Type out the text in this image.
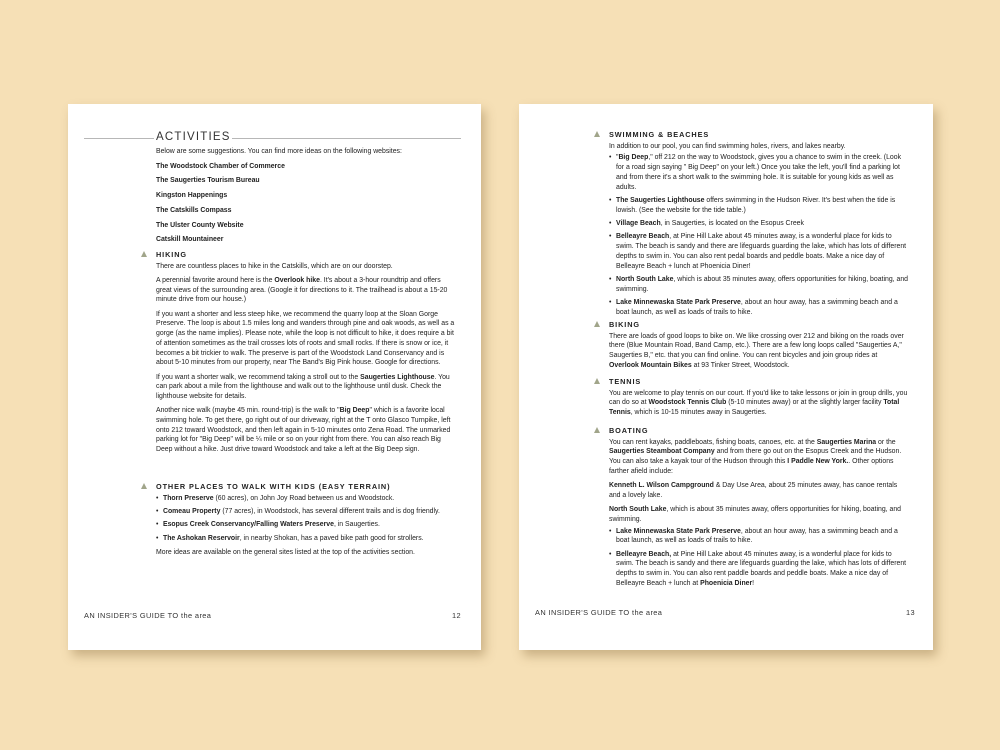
ACTIVITIES

Below are some suggestions. You can find more ideas on the following websites:

The Woodstock Chamber of Commerce

The Saugerties Tourism Bureau

Kingston Happenings

The Catskills Compass

The Ulster County Website

Catskill Mountaineer

HIKING

There are countless places to hike in the Catskills, which are on our doorstep.

A perennial favorite around here is the Overlook hike. It's about a 3-hour roundtrip and offers great views of the surrounding area. (Google it for directions to it. The trailhead is about a 15-20 minute drive from our house.)

If you want a shorter and less steep hike, we recommend the quarry loop at the Sloan Gorge Preserve. The loop is about 1.5 miles long and wanders through pine and oak woods, as well as a gorge (as the name implies). Please note, while the loop is not difficult to hike, it does require a bit of attention sometimes as the trail crosses lots of roots and small rocks. If there is snow or ice, it becomes a bit trickier to walk. The preserve is part of the Woodstock Land Conservancy and is about 5-10 minutes from our property, near The Band's Big Pink house. Google for directions.

If you want a shorter walk, we recommend taking a stroll out to the Saugerties Lighthouse. You can park about a mile from the lighthouse and walk out to the lighthouse until dusk. Check the lighthouse website for details.

Another nice walk (maybe 45 min. round-trip) is the walk to "Big Deep" which is a favorite local swimming hole. To get there, go right out of our driveway, right at the T onto Glasco Turnpike, left onto 212 toward Woodstock, and then left again in 5-10 minutes onto Zena Road. The unmarked parking lot for "Big Deep" will be ¼ mile or so on your right from there. You can also reach Big Deep without a hike. Just drive toward Woodstock and take a left at the Big Deep sign.

OTHER PLACES TO WALK WITH KIDS (EASY TERRAIN)
• Thorn Preserve (60 acres), on John Joy Road between us and Woodstock.
• Comeau Property (77 acres), in Woodstock, has several different trails and is dog friendly.
• Esopus Creek Conservancy/Falling Waters Preserve, in Saugerties.
• The Ashokan Reservoir, in nearby Shokan, has a paved bike path good for strollers.

More ideas are available on the general sites listed at the top of the activities section.

AN INSIDER'S GUIDE TO the area	12
SWIMMING & BEACHES

In addition to our pool, you can find swimming holes, rivers, and lakes nearby.

• "Big Deep," off 212 on the way to Woodstock, gives you a chance to swim in the creek. (Look for a road sign saying " Big Deep" on your left.) Once you take the left, you'll find a parking lot and from there it's a short walk to the swimming hole. It is suitable for young kids as well as adults.
• The Saugerties Lighthouse offers swimming in the Hudson River. It's best when the tide is lowish. (See the website for the tide table.)
• Village Beach, in Saugerties, is located on the Esopus Creek
• Belleayre Beach, at Pine Hill Lake about 45 minutes away, is a wonderful place for kids to swim. The beach is sandy and there are lifeguards guarding the lake, which has lots of different depths to swim in. You can also rent pedal boards and peddle boats. Make a nice day of Belleayre Beach + lunch at Phoenicia Diner!
• North South Lake, which is about 35 minutes away, offers opportunities for hiking, boating, and swimming.
• Lake Minnewaska State Park Preserve, about an hour away, has a swimming beach and a boat launch, as well as loads of trails to hike.
BIKING

There are loads of good loops to bike on. We like crossing over 212 and biking on the roads over there (Blue Mountain Road, Band Camp, etc.). There are a few long loops called "Saugerties A," Saugerties B," etc. that you can find online. You can rent bicycles and join group rides at Overlook Mountain Bikes at 93 Tinker Street, Woodstock.

TENNIS

You are welcome to play tennis on our court. If you'd like to take lessons or join in group drills, you can do so at Woodstock Tennis Club (5-10 minutes away) or at the slightly larger facility Total Tennis, which is 10-15 minutes away in Saugerties.

BOATING

You can rent kayaks, paddleboats, fishing boats, canoes, etc. at the Saugerties Marina or the Saugerties Steamboat Company and from there go out on the Esopus Creek and the Hudson. You can also take a kayak tour of the Hudson through this I Paddle New York.. Other options farther afield include:

Kenneth L. Wilson Campground & Day Use Area, about 25 minutes away, has canoe rentals and a lovely lake.

North South Lake, which is about 35 minutes away, offers opportunities for hiking, boating, and swimming.

• Lake Minnewaska State Park Preserve, about an hour away, has a swimming beach and a boat launch, as well as loads of trails to hike.
• Belleayre Beach, at Pine Hill Lake about 45 minutes away, is a wonderful place for kids to swim. The beach is sandy and there are lifeguards guarding the lake, which has lots of different depths to swim in. You can also rent paddle boards and peddle boats. Make a nice day of Belleayre Beach + lunch at Phoenicia Diner!
AN INSIDER'S GUIDE TO the area	13
